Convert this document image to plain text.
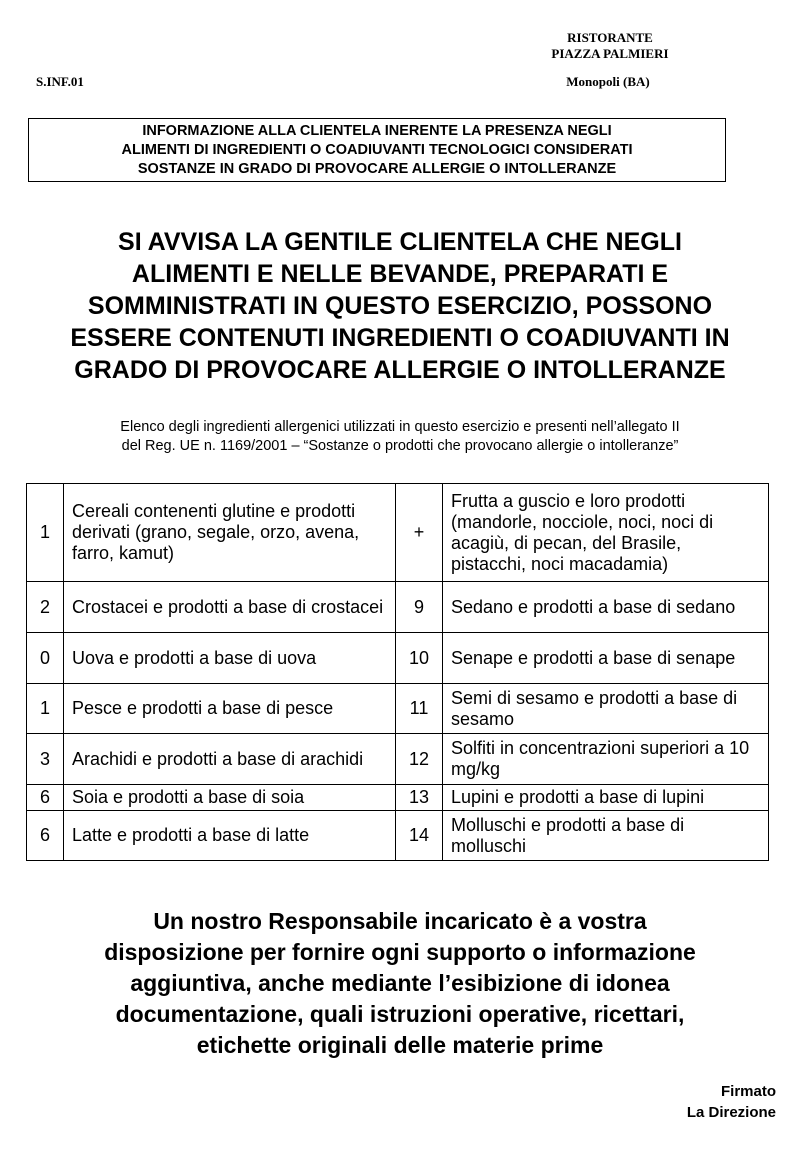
S.INF.01
RISTORANTE
PIAZZA PALMIERI
Monopoli (BA)
INFORMAZIONE ALLA CLIENTELA INERENTE LA PRESENZA NEGLI
ALIMENTI DI INGREDIENTI O COADIUVANTI TECNOLOGICI CONSIDERATI
SOSTANZE IN GRADO DI PROVOCARE ALLERGIE O INTOLLERANZE
SI AVVISA LA GENTILE CLIENTELA CHE NEGLI
ALIMENTI E NELLE BEVANDE, PREPARATI E
SOMMINISTRATI IN QUESTO ESERCIZIO, POSSONO
ESSERE CONTENUTI INGREDIENTI O COADIUVANTI IN
GRADO DI PROVOCARE ALLERGIE O INTOLLERANZE
Elenco degli ingredienti allergenici utilizzati in questo esercizio e presenti nell’allegato II
del Reg. UE n. 1169/2001 – “Sostanze o prodotti che provocano allergie o intolleranze”
1	Cereali contenenti glutine e prodotti derivati (grano, segale, orzo, avena, farro, kamut)	+	Frutta a guscio e loro prodotti (mandorle, nocciole, noci, noci di acagiù, di pecan, del Brasile, pistacchi, noci macadamia)
2	Crostacei e prodotti a base di crostacei	9	Sedano e prodotti a base di sedano
0	Uova e prodotti a base di uova	10	Senape e prodotti a base di senape
1	Pesce e prodotti a base di pesce	11	Semi di sesamo e prodotti a base di sesamo
3	Arachidi e prodotti a base di arachidi	12	Solfiti in concentrazioni superiori a 10 mg/kg
6	Soia e prodotti a base di soia	13	Lupini e prodotti a base di lupini
6	Latte e prodotti a base di latte	14	Molluschi e prodotti a base di molluschi
Un nostro Responsabile incaricato è a vostra
disposizione per fornire ogni supporto o informazione
aggiuntiva, anche mediante l’esibizione di idonea
documentazione, quali istruzioni operative, ricettari,
etichette originali delle materie prime
Firmato
La Direzione
